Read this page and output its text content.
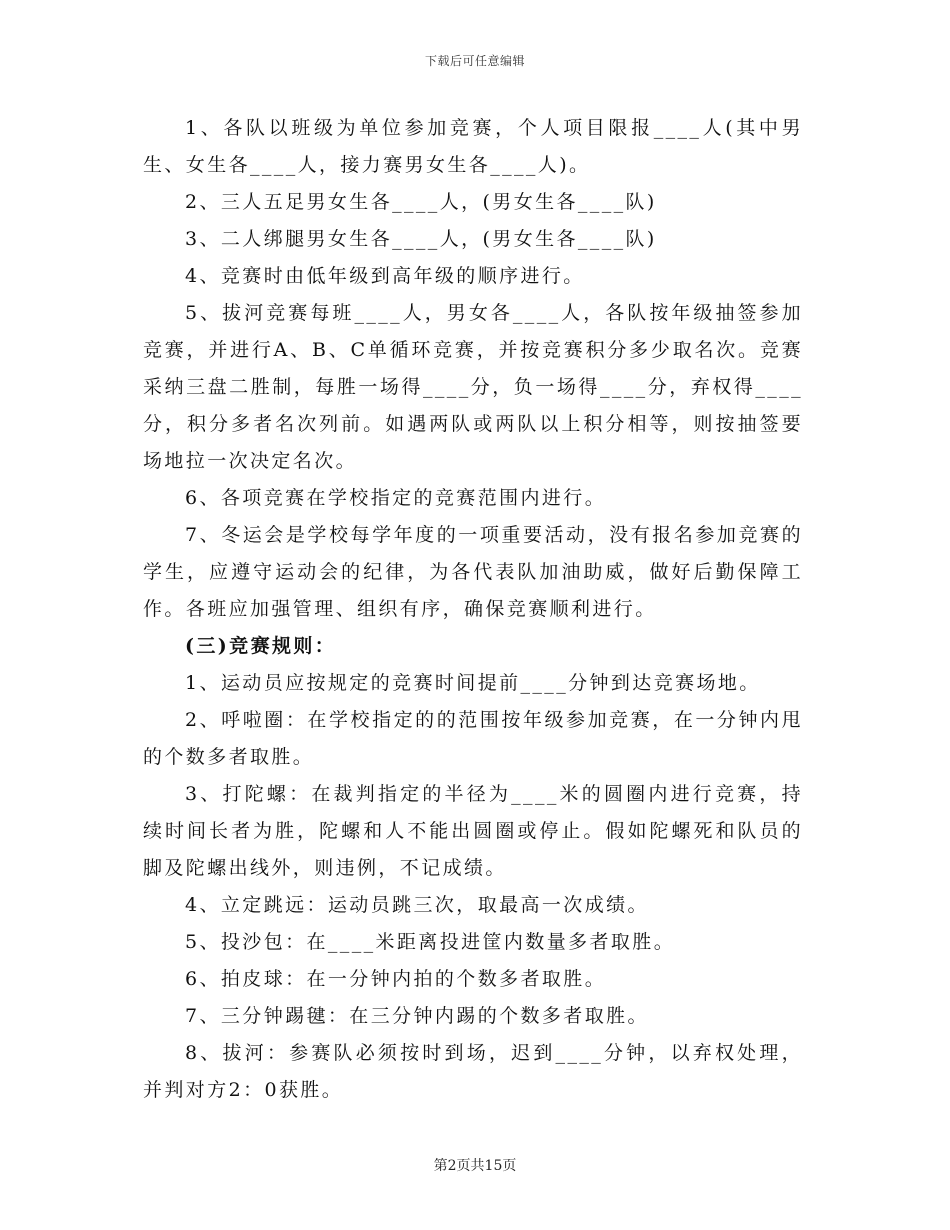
下载后可任意编辑

1、各队以班级为单位参加竞赛，个人项目限报____人(其中男生、女生各____人，接力赛男女生各____人)。

2、三人五足男女生各____人，(男女生各____队)

3、二人绑腿男女生各____人，(男女生各____队)

4、竞赛时由低年级到高年级的顺序进行。

5、拔河竞赛每班____人，男女各____人，各队按年级抽签参加竞赛，并进行A、B、C单循环竞赛，并按竞赛积分多少取名次。竞赛采纳三盘二胜制，每胜一场得____分，负一场得____分，弃权得____分，积分多者名次列前。如遇两队或两队以上积分相等，则按抽签要场地拉一次决定名次。

6、各项竞赛在学校指定的竞赛范围内进行。

7、冬运会是学校每学年度的一项重要活动，没有报名参加竞赛的学生，应遵守运动会的纪律，为各代表队加油助威，做好后勤保障工作。各班应加强管理、组织有序，确保竞赛顺利进行。

(三)竞赛规则：

1、运动员应按规定的竞赛时间提前____分钟到达竞赛场地。

2、呼啦圈：在学校指定的的范围按年级参加竞赛，在一分钟内甩的个数多者取胜。

3、打陀螺：在裁判指定的半径为____米的圆圈内进行竞赛，持续时间长者为胜，陀螺和人不能出圆圈或停止。假如陀螺死和队员的脚及陀螺出线外，则违例，不记成绩。

4、立定跳远：运动员跳三次，取最高一次成绩。

5、投沙包：在____米距离投进筐内数量多者取胜。

6、拍皮球：在一分钟内拍的个数多者取胜。

7、三分钟踢毽：在三分钟内踢的个数多者取胜。

8、拔河：参赛队必须按时到场，迟到____分钟，以弃权处理，并判对方2：0获胜。

第2页共15页
